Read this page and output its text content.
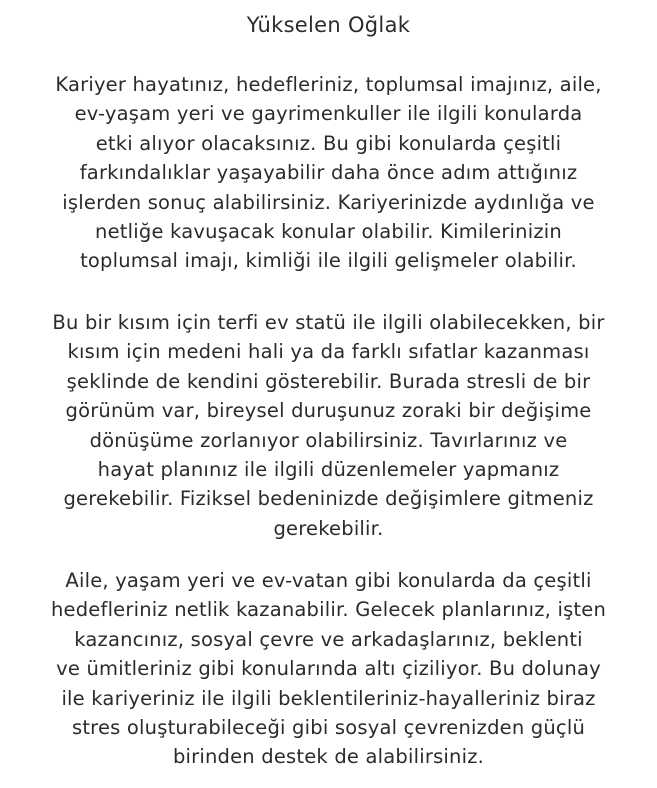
Yükselen Oğlak
Kariyer hayatınız, hedefleriniz, toplumsal imajınız, aile,
ev-yaşam yeri ve gayrimenkuller ile ilgili konularda
etki alıyor olacaksınız. Bu gibi konularda çeşitli
farkındalıklar yaşayabilir daha önce adım attığınız
işlerden sonuç alabilirsiniz. Kariyerinizde aydınlığa ve
netliğe kavuşacak konular olabilir. Kimilerinizin
toplumsal imajı, kimliği ile ilgili gelişmeler olabilir.
Bu bir kısım için terfi ev statü ile ilgili olabilecekken, bir
kısım için medeni hali ya da farklı sıfatlar kazanması
şeklinde de kendini gösterebilir. Burada stresli de bir
görünüm var, bireysel duruşunuz zoraki bir değişime
dönüşüme zorlanıyor olabilirsiniz. Tavırlarınız ve
hayat planınız ile ilgili düzenlemeler yapmanız
gerekebilir. Fiziksel bedeninizde değişimlere gitmeniz
gerekebilir.
Aile, yaşam yeri ve ev-vatan gibi konularda da çeşitli
hedefleriniz netlik kazanabilir. Gelecek planlarınız, işten
kazancınız, sosyal çevre ve arkadaşlarınız, beklenti
ve ümitleriniz gibi konularında altı çiziliyor. Bu dolunay
ile kariyeriniz ile ilgili beklentileriniz-hayalleriniz biraz
stres oluşturabileceği gibi sosyal çevrenizden güçlü
birinden destek de alabilirsiniz.
